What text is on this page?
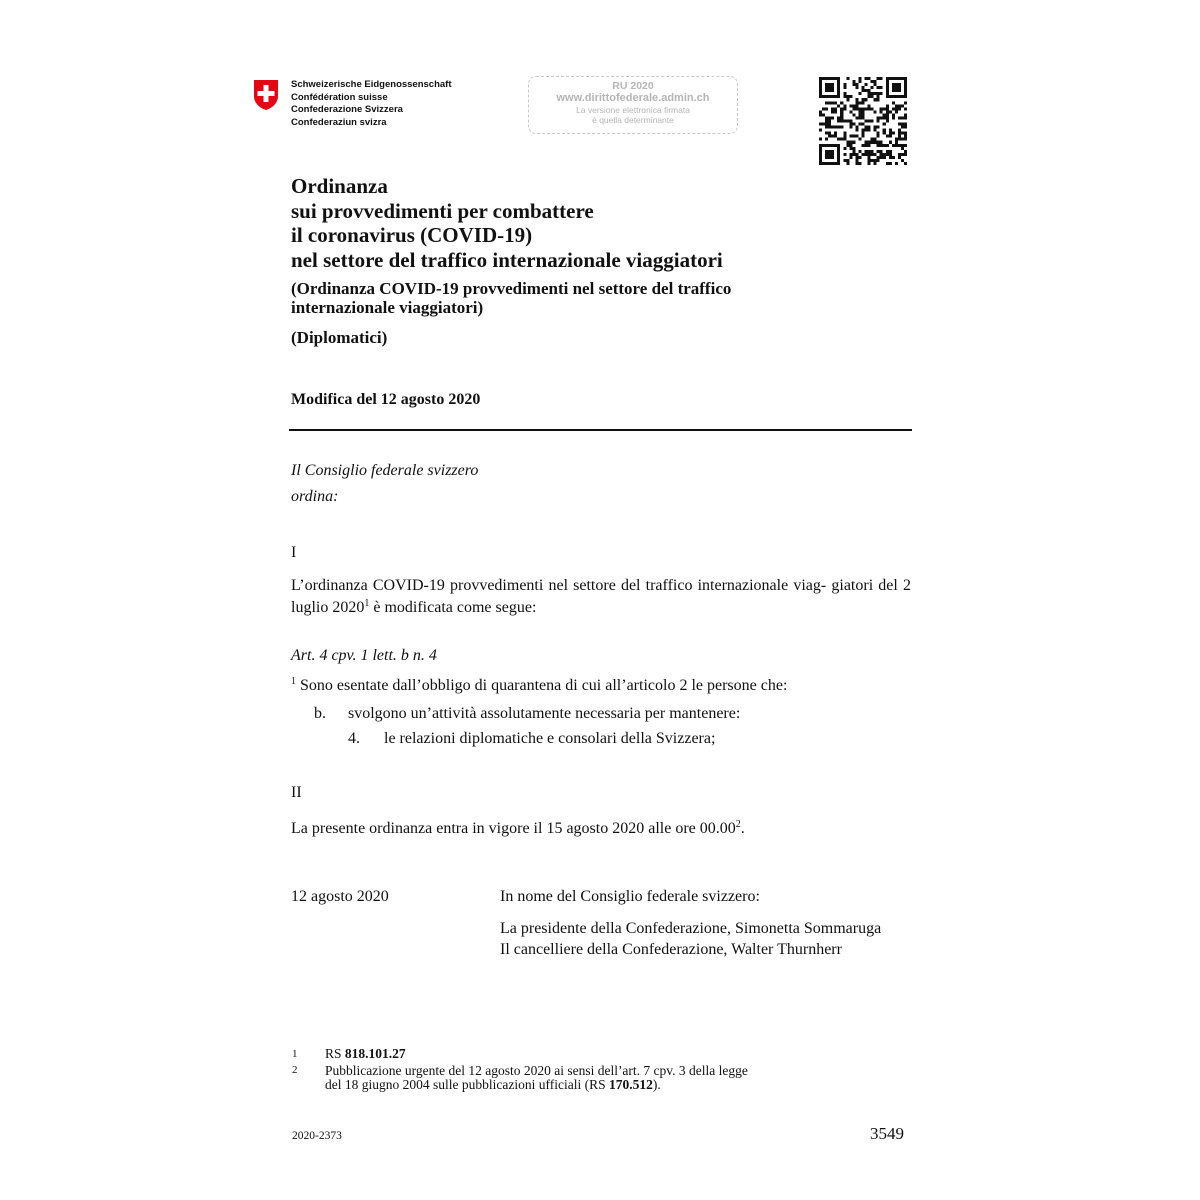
Schweizerische Eidgenossenschaft
Confédération suisse
Confederazione Svizzera
Confederaziun svizra
RU 2020
www.dirittofederale.admin.ch
La versione elettronica firmata
è quella determinante
Ordinanza
sui provvedimenti per combattere
il coronavirus (COVID-19)
nel settore del traffico internazionale viaggiatori
(Ordinanza COVID-19 provvedimenti nel settore del traffico
internazionale viaggiatori)
(Diplomatici)
Modifica del 12 agosto 2020
Il Consiglio federale svizzero
ordina:
I
L’ordinanza COVID-19 provvedimenti nel settore del traffico internazionale viag- giatori del 2 luglio 2020$^1$ è modificata come segue:
Art. 4 cpv. 1 lett. b n. 4
$^1$ Sono esentate dall’obbligo di quarantena di cui all’articolo 2 le persone che:
b. svolgono un’attività assolutamente necessaria per mantenere:
4. le relazioni diplomatiche e consolari della Svizzera;
II
La presente ordinanza entra in vigore il 15 agosto 2020 alle ore 00.00$^2$.
12 agosto 2020	In nome del Consiglio federale svizzero:
La presidente della Confederazione, Simonetta Sommaruga
Il cancelliere della Confederazione, Walter Thurnherr
1 RS 818.101.27
2 Pubblicazione urgente del 12 agosto 2020 ai sensi dell’art. 7 cpv. 3 della legge
del 18 giugno 2004 sulle pubblicazioni ufficiali (RS 170.512).
2020-2373	3549
